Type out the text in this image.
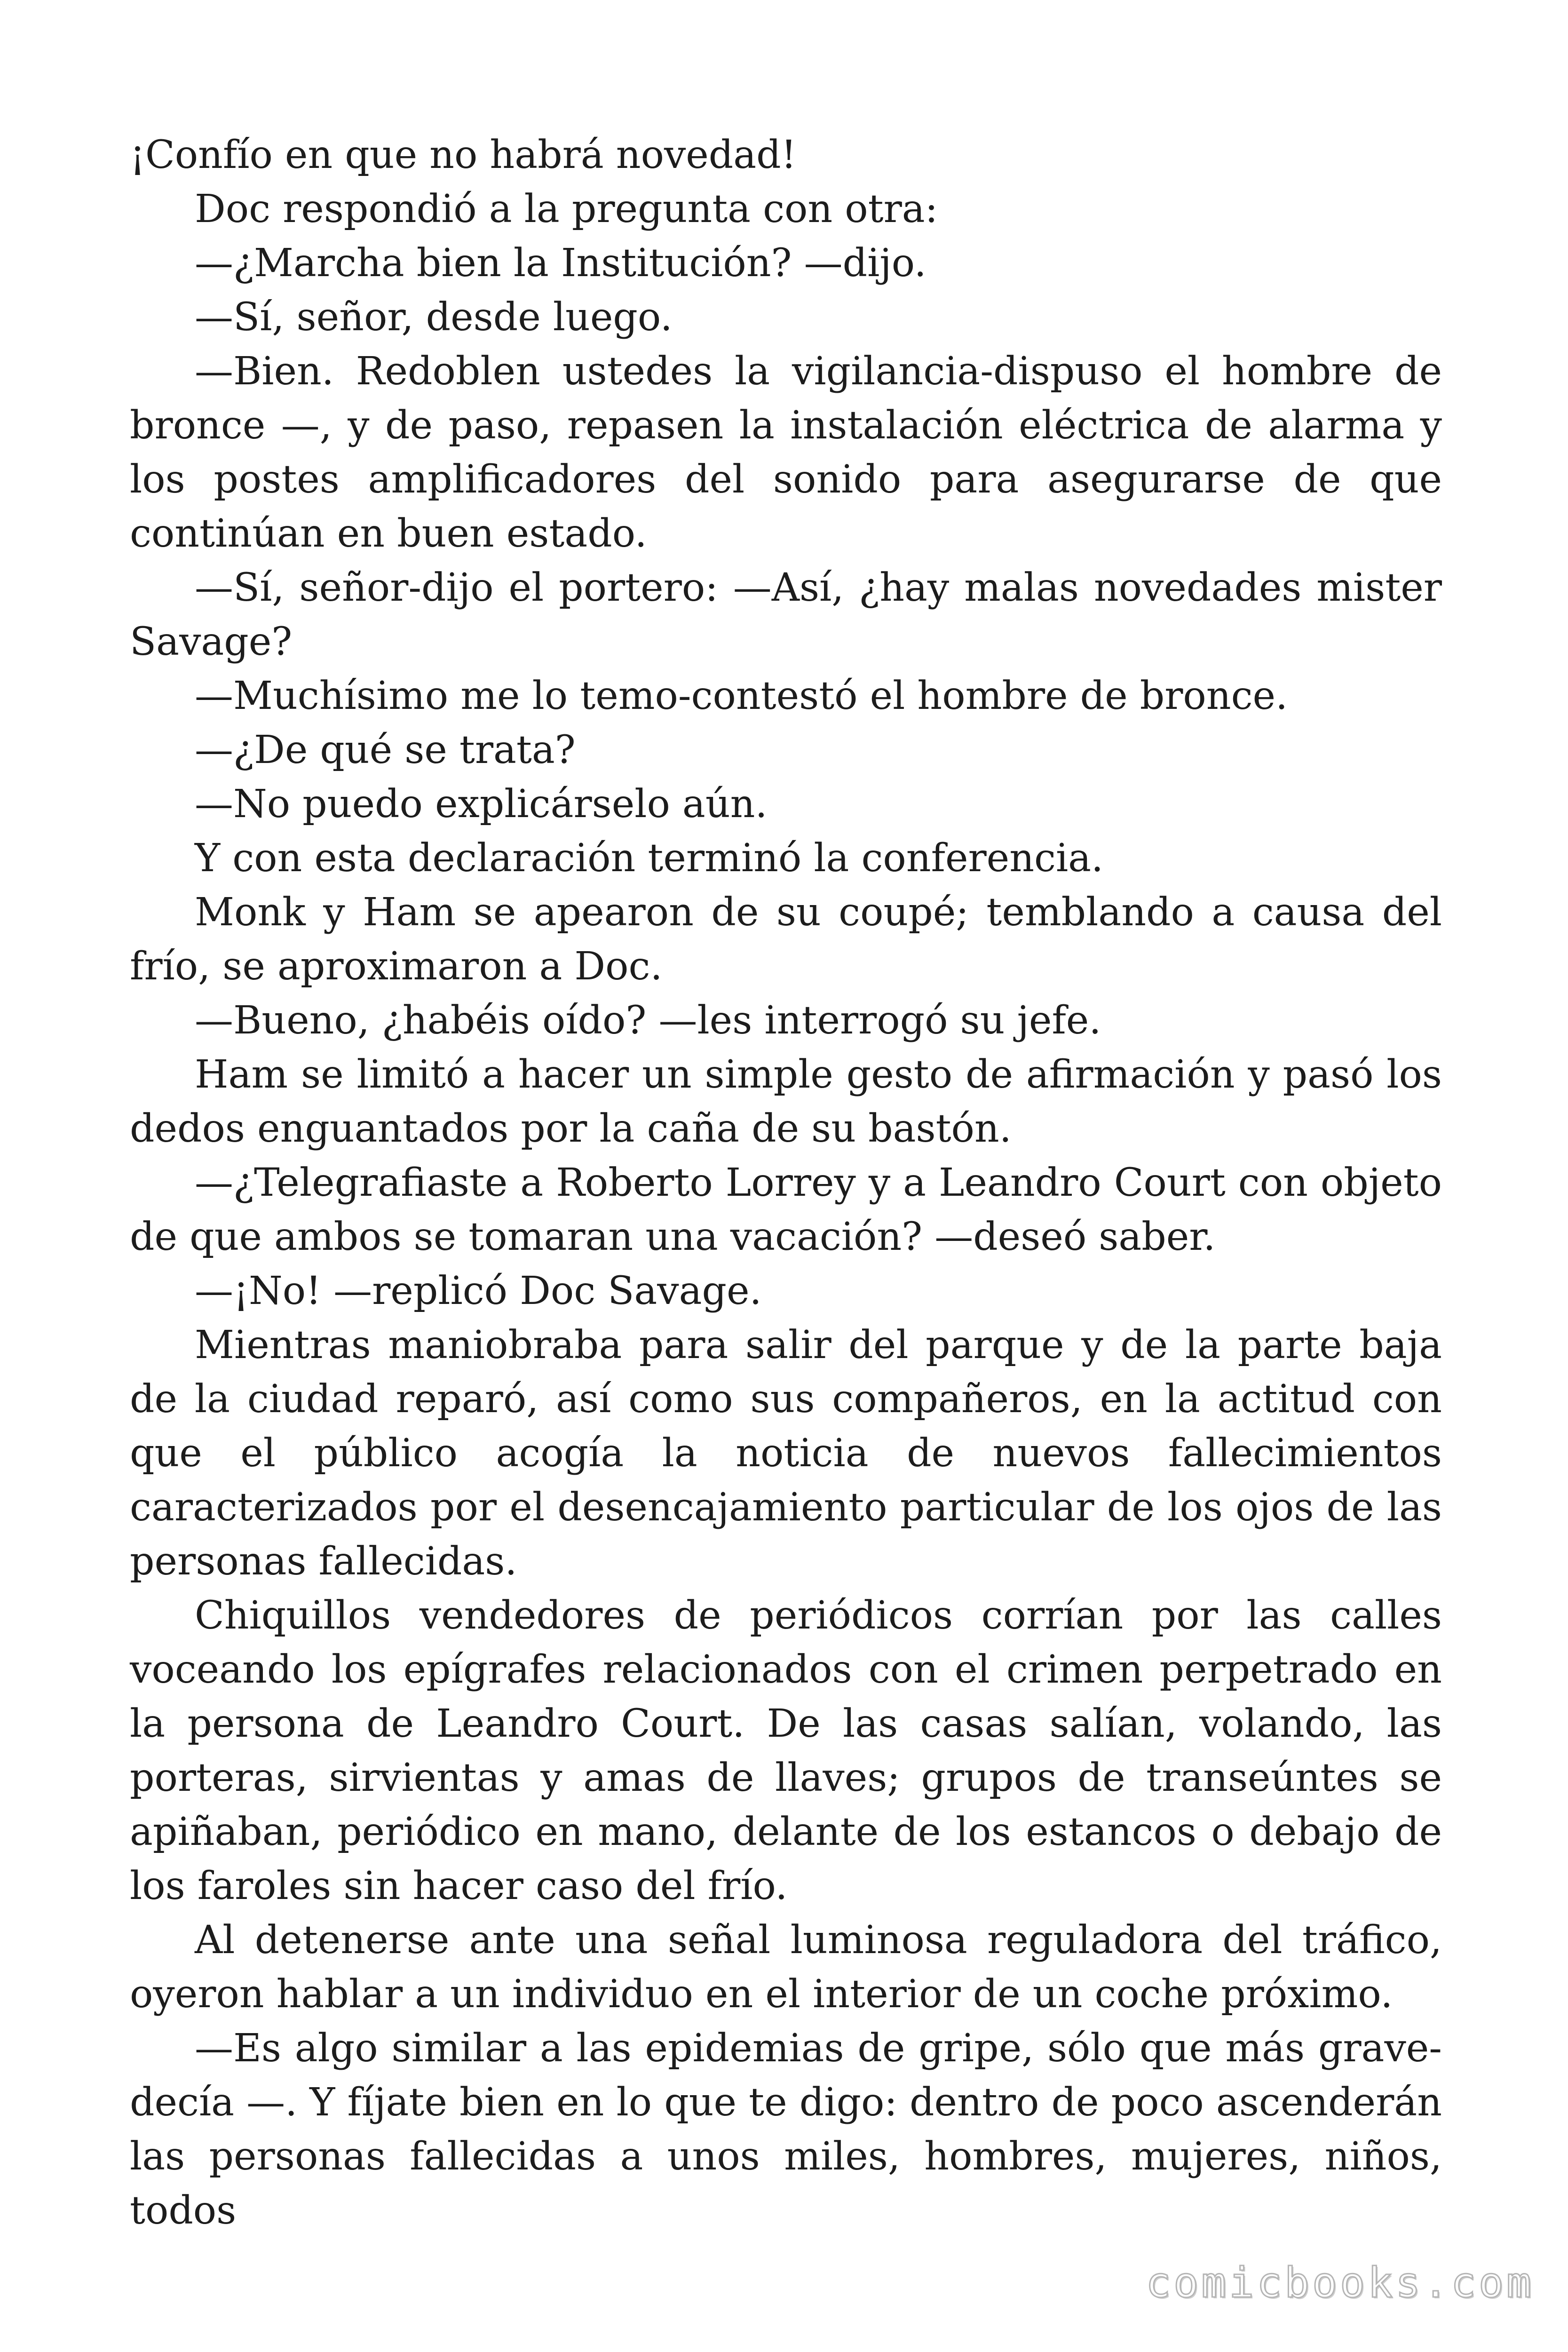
¡Confío en que no habrá novedad!

Doc respondió a la pregunta con otra:

—¿Marcha bien la Institución? —dijo.

—Sí, señor, desde luego.

—Bien. Redoblen ustedes la vigilancia-dispuso el hombre de bronce —, y de paso, repasen la instalación eléctrica de alarma y los postes amplificadores del sonido para asegurarse de que continúan en buen estado.

—Sí, señor-dijo el portero: —Así, ¿hay malas novedades mister Savage?

—Muchísimo me lo temo-contestó el hombre de bronce.

—¿De qué se trata?

—No puedo explicárselo aún.

Y con esta declaración terminó la conferencia.

Monk y Ham se apearon de su coupé; temblando a causa del frío, se aproximaron a Doc.

—Bueno, ¿habéis oído? —les interrogó su jefe.

Ham se limitó a hacer un simple gesto de afirmación y pasó los dedos enguantados por la caña de su bastón.

—¿Telegrafiaste a Roberto Lorrey y a Leandro Court con objeto de que ambos se tomaran una vacación? —deseó saber.

—¡No! —replicó Doc Savage.

Mientras maniobraba para salir del parque y de la parte baja de la ciudad reparó, así como sus compañeros, en la actitud con que el público acogía la noticia de nuevos fallecimientos caracterizados por el desencajamiento particular de los ojos de las personas fallecidas.

Chiquillos vendedores de periódicos corrían por las calles voceando los epígrafes relacionados con el crimen perpetrado en la persona de Leandro Court. De las casas salían, volando, las porteras, sirvientas y amas de llaves; grupos de transeúntes se apiñaban, periódico en mano, delante de los estancos o debajo de los faroles sin hacer caso del frío.

Al detenerse ante una señal luminosa reguladora del tráfico, oyeron hablar a un individuo en el interior de un coche próximo.

—Es algo similar a las epidemias de gripe, sólo que más grave-decía —. Y fíjate bien en lo que te digo: dentro de poco ascenderán las personas fallecidas a unos miles, hombres, mujeres, niños, todos

comicbooks.com
